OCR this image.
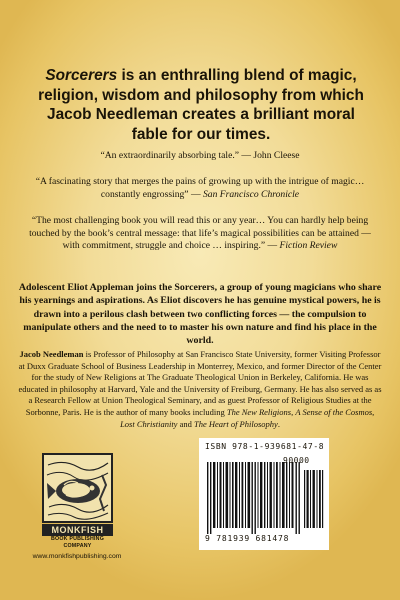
Sorcerers is an enthralling blend of magic, religion, wisdom and philosophy from which Jacob Needleman creates a brilliant moral fable for our times.
“An extraordinarily absorbing tale.” — John Cleese
“A fascinating story that merges the pains of growing up with the intrigue of magic…constantly engrossing” — San Francisco Chronicle
“The most challenging book you will read this or any year… You can hardly help being touched by the book’s central message: that life’s magical possibilities can be attained — with commitment, struggle and choice … inspiring.” — Fiction Review
Adolescent Eliot Appleman joins the Sorcerers, a group of young magicians who share his yearnings and aspirations. As Eliot discovers he has genuine mystical powers, he is drawn into a perilous clash between two conflicting forces — the compulsion to manipulate others and the need to to master his own nature and find his place in the world.
Jacob Needleman is Professor of Philosophy at San Francisco State University, former Visiting Professor at Duxx Graduate School of Business Leadership in Monterrey, Mexico, and former Director of the Center for the study of New Religions at The Graduate Theological Union in Berkeley, California. He was educated in philosophy at Harvard, Yale and the University of Freiburg, Germany. He has also served as as a Research Fellow at Union Theological Seminary, and as guest Professor of Religious Studies at the Sorbonne, Paris. He is the author of many books including The New Religions, A Sense of the Cosmos, Lost Christianity and The Heart of Philosophy.
MONKFISH
BOOK PUBLISHING COMPANY
www.monkfishpublishing.com
ISBN 978-1-939681-47-8
90000
9 781939 681478
